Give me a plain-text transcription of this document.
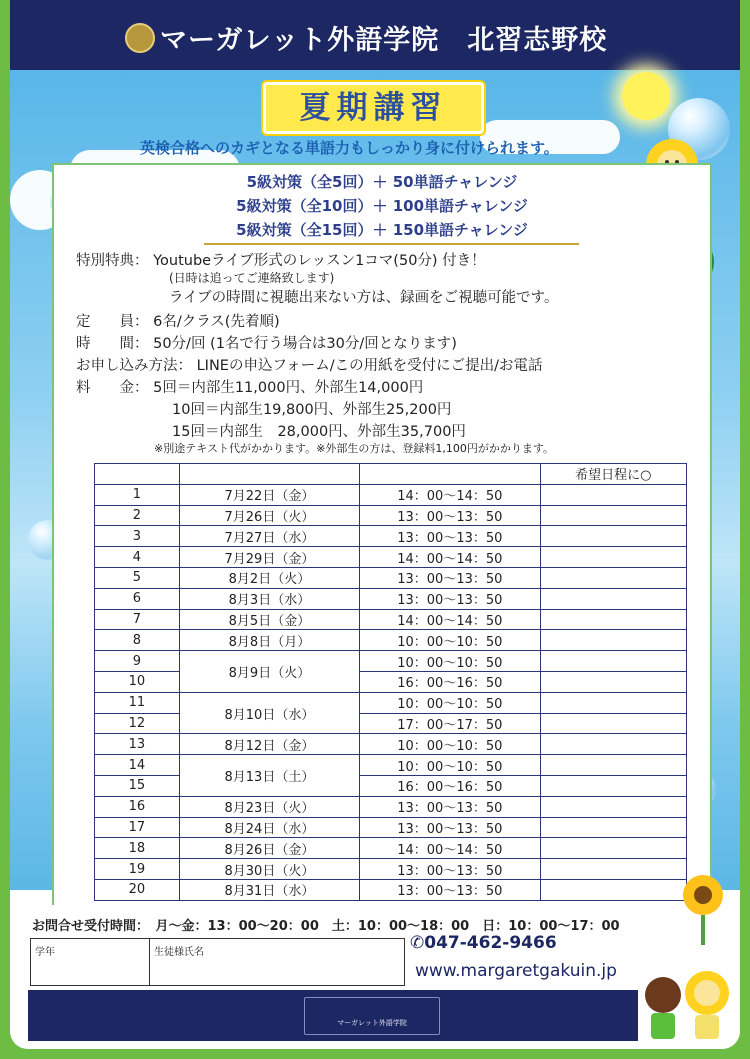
マーガレット外語学院　北習志野校
夏期講習
英検合格へのカギとなる単語力もしっかり身に付けられます。
5級対策（全5回）＋ 50単語チャレンジ
5級対策（全10回）＋ 100単語チャレンジ
5級対策（全15回）＋ 150単語チャレンジ
特別特典： Youtubeライブ形式のレッスン1コマ(50分) 付き！
(日時は追ってご連絡致します)
ライブの時間に視聴出来ない方は、録画をご視聴可能です。
定　　員： 6名/クラス(先着順)
時　　間： 50分/回 (1名で行う場合は30分/回となります)
お申し込み方法： LINEの申込フォーム/この用紙を受付にご提出/お電話
料　　金： 5回＝内部生11,000円、外部生14,000円
10回＝内部生19,800円、外部生25,200円
15回＝内部生　28,000円、外部生35,700円
※別途テキスト代がかかります。※外部生の方は、登録料1,100円がかかります。
			希望日程に○
1	7月22日（金）	14：00〜14：50	
2	7月26日（火）	13：00〜13：50	
3	7月27日（水）	13：00〜13：50	
4	7月29日（金）	14：00〜14：50	
5	8月2日（火）	13：00〜13：50	
6	8月3日（水）	13：00〜13：50	
7	8月5日（金）	14：00〜14：50	
8	8月8日（月）	10：00〜10：50	
9	8月9日（火）	10：00〜10：50	
10		16：00〜16：50	
11	8月10日（水）	10：00〜10：50	
12		17：00〜17：50	
13	8月12日（金）	10：00〜10：50	
14	8月13日（土）	10：00〜10：50	
15		16：00〜16：50	
16	8月23日（火）	13：00〜13：50	
17	8月24日（水）	13：00〜13：50	
18	8月26日（金）	14：00〜14：50	
19	8月30日（火）	13：00〜13：50	
20	8月31日（水）	13：00〜13：50	
お問合せ受付時間：　月〜金：13：00〜20：00　土：10：00〜18：00　日：10：00〜17：00
学年	生徒様氏名	✆047-462-9466
www.margaretgakuin.jp
マーガレット外語学院
